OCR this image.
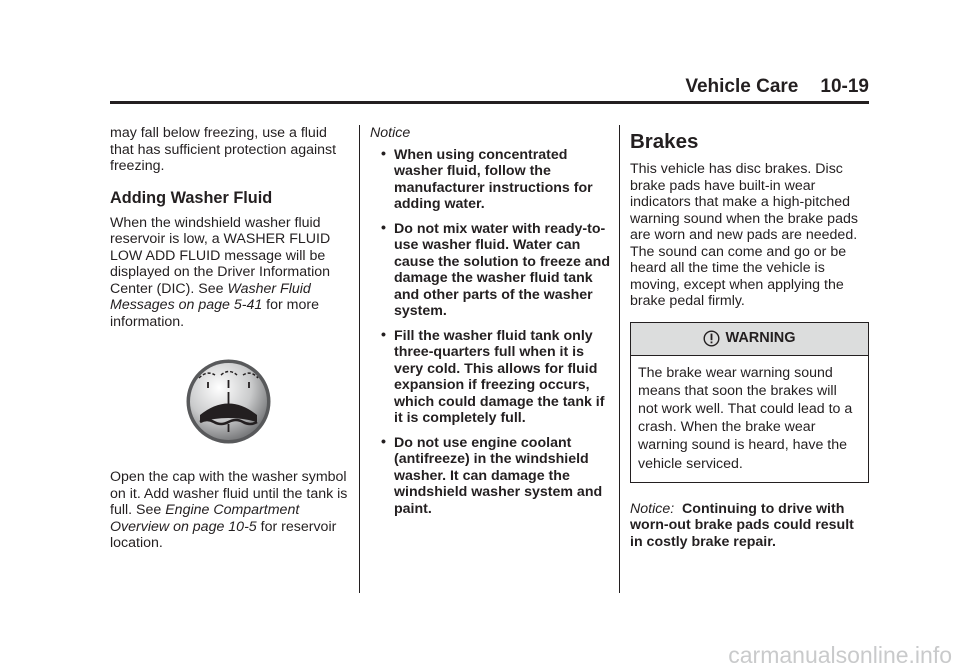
Vehicle Care 10-19

may fall below freezing, use a fluid that has sufficient protection against freezing.

Adding Washer Fluid

When the windshield washer fluid reservoir is low, a WASHER FLUID LOW ADD FLUID message will be displayed on the Driver Information Center (DIC). See Washer Fluid Messages on page 5-41 for more information.

Open the cap with the washer symbol on it. Add washer fluid until the tank is full. See Engine Compartment Overview on page 10-5 for reservoir location.

Notice

• When using concentrated washer fluid, follow the manufacturer instructions for adding water.
• Do not mix water with ready-to-use washer fluid. Water can cause the solution to freeze and damage the washer fluid tank and other parts of the washer system.
• Fill the washer fluid tank only three-quarters full when it is very cold. This allows for fluid expansion if freezing occurs, which could damage the tank if it is completely full.
• Do not use engine coolant (antifreeze) in the windshield washer. It can damage the windshield washer system and paint.
Brakes

This vehicle has disc brakes. Disc brake pads have built-in wear indicators that make a high-pitched warning sound when the brake pads are worn and new pads are needed. The sound can come and go or be heard all the time the vehicle is moving, except when applying the brake pedal firmly.

WARNING
The brake wear warning sound means that soon the brakes will not work well. That could lead to a crash. When the brake wear warning sound is heard, have the vehicle serviced.

Notice: Continuing to drive with worn-out brake pads could result in costly brake repair.

carmanualsonline.info
